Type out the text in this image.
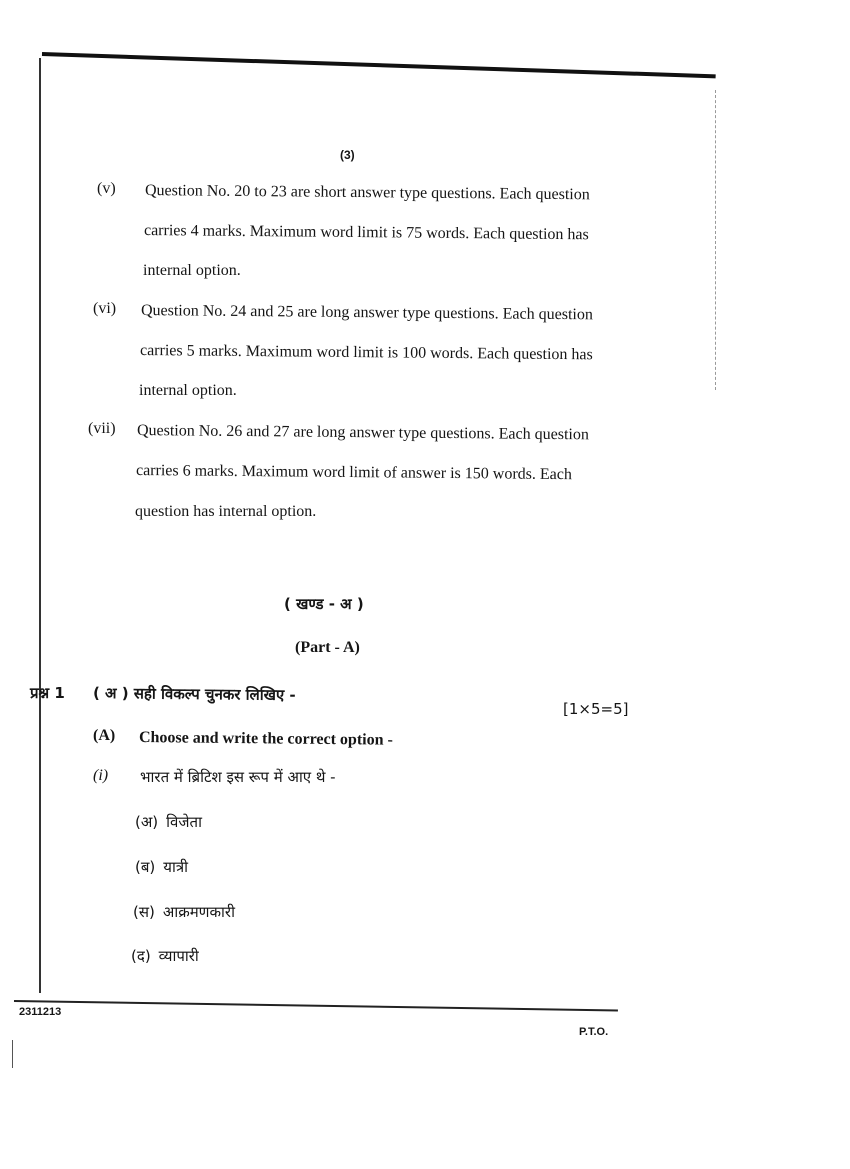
(3)
(v) Question No. 20 to 23 are short answer type questions. Each question
carries 4 marks. Maximum word limit is 75 words. Each question has
internal option.
(vi) Question No. 24 and 25 are long answer type questions. Each question
carries 5 marks. Maximum word limit is 100 words. Each question has
internal option.
(vii) Question No. 26 and 27 are long answer type questions. Each question
carries 6 marks. Maximum word limit of answer is 150 words. Each
question has internal option.
( खण्ड - अ )
(Part - A)
प्रश्न 1 ( अ ) सही विकल्प चुनकर लिखिए -
[1×5=5]
(A) Choose and write the correct option -
(i) भारत में ब्रिटिश इस रूप में आए थे -
(अ) विजेता
(ब) यात्री
(स) आक्रमणकारी
(द) व्यापारी
2311213
P.T.O.
